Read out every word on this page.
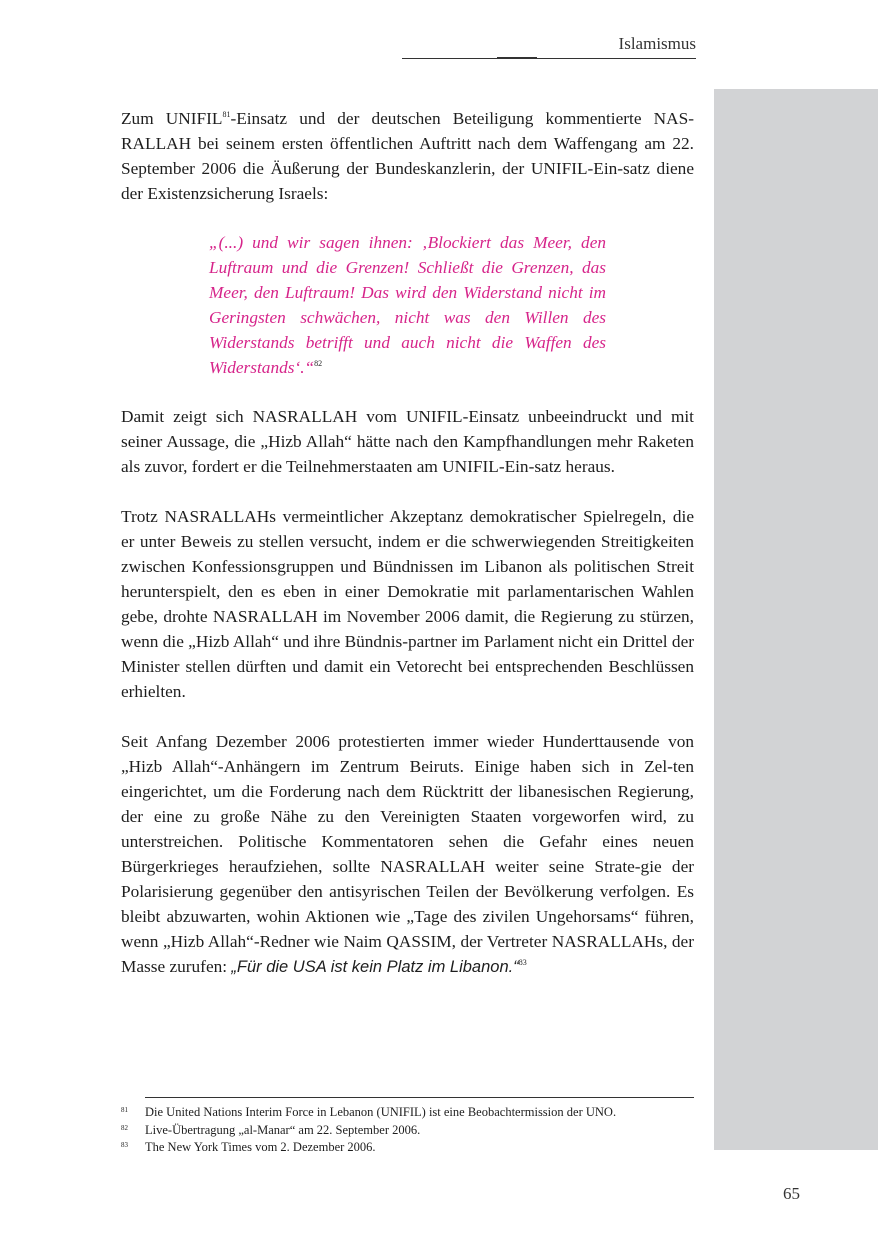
Islamismus

Zum UNIFIL$^{81}$-Einsatz und der deutschen Beteiligung kommentierte NAS-RALLAH bei seinem ersten öffentlichen Auftritt nach dem Waffengang am 22. September 2006 die Äußerung der Bundeskanzlerin, der UNIFIL-Ein-satz diene der Existenzsicherung Israels:

„(...) und wir sagen ihnen: ‚Blockiert das Meer, den Luftraum und die Grenzen! Schließt die Grenzen, das Meer, den Luftraum! Das wird den Widerstand nicht im Geringsten schwächen, nicht was den Willen des Widerstands betrifft und auch nicht die Waffen des Widerstands‘.“$^{82}$

Damit zeigt sich NASRALLAH vom UNIFIL-Einsatz unbeeindruckt und mit seiner Aussage, die „Hizb Allah“ hätte nach den Kampfhandlungen mehr Raketen als zuvor, fordert er die Teilnehmerstaaten am UNIFIL-Ein-satz heraus.

Trotz NASRALLAHs vermeintlicher Akzeptanz demokratischer Spielregeln, die er unter Beweis zu stellen versucht, indem er die schwerwiegenden Streitigkeiten zwischen Konfessionsgruppen und Bündnissen im Libanon als politischen Streit herunterspielt, den es eben in einer Demokratie mit parlamentarischen Wahlen gebe, drohte NASRALLAH im November 2006 damit, die Regierung zu stürzen, wenn die „Hizb Allah“ und ihre Bündnis-partner im Parlament nicht ein Drittel der Minister stellen dürften und damit ein Vetorecht bei entsprechenden Beschlüssen erhielten.

Seit Anfang Dezember 2006 protestierten immer wieder Hunderttausende von „Hizb Allah“-Anhängern im Zentrum Beiruts. Einige haben sich in Zel-ten eingerichtet, um die Forderung nach dem Rücktritt der libanesischen Regierung, der eine zu große Nähe zu den Vereinigten Staaten vorgeworfen wird, zu unterstreichen. Politische Kommentatoren sehen die Gefahr eines neuen Bürgerkrieges heraufziehen, sollte NASRALLAH weiter seine Strate-gie der Polarisierung gegenüber den antisyrischen Teilen der Bevölkerung verfolgen. Es bleibt abzuwarten, wohin Aktionen wie „Tage des zivilen Ungehorsams“ führen, wenn „Hizb Allah“-Redner wie Naim QASSIM, der Vertreter NASRALLAHs, der Masse zurufen: „Für die USA ist kein Platz im Libanon.“$^{83}$

81	Die United Nations Interim Force in Lebanon (UNIFIL) ist eine Beobachtermission der UNO.
82	Live-Übertragung „al-Manar“ am 22. September 2006.
83	The New York Times vom 2. Dezember 2006.
65
